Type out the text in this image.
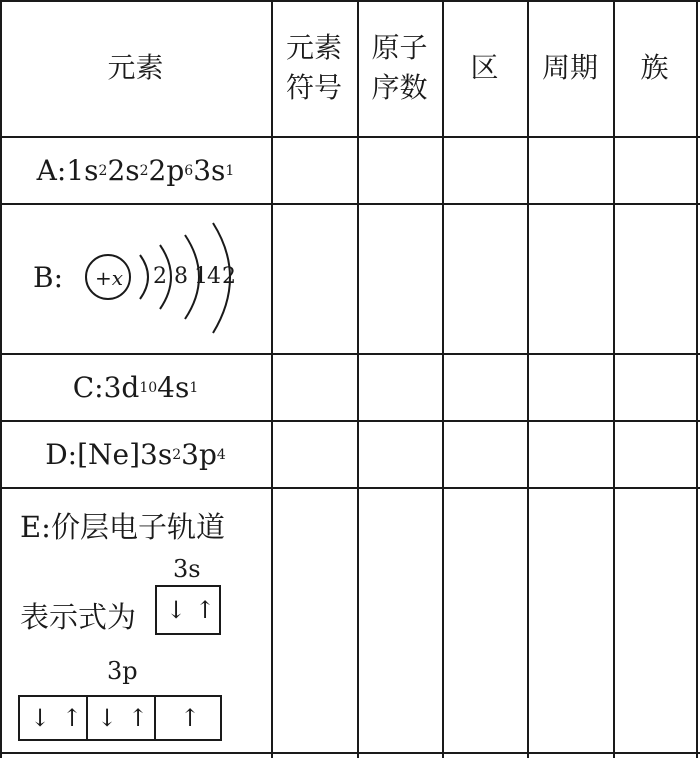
元素
元素
符号
原子
序数
区 周期 族
A: 1s 2 2s 2 2p 6 3s 1
B: +x 2 8 14 2
C: 3d 10 4s 1
D: [Ne] 3s 2 3p 4
E:价层电子轨道
3s
表示式为 ↓ ↑
3p
↓ ↑ ↓ ↑ ↑
